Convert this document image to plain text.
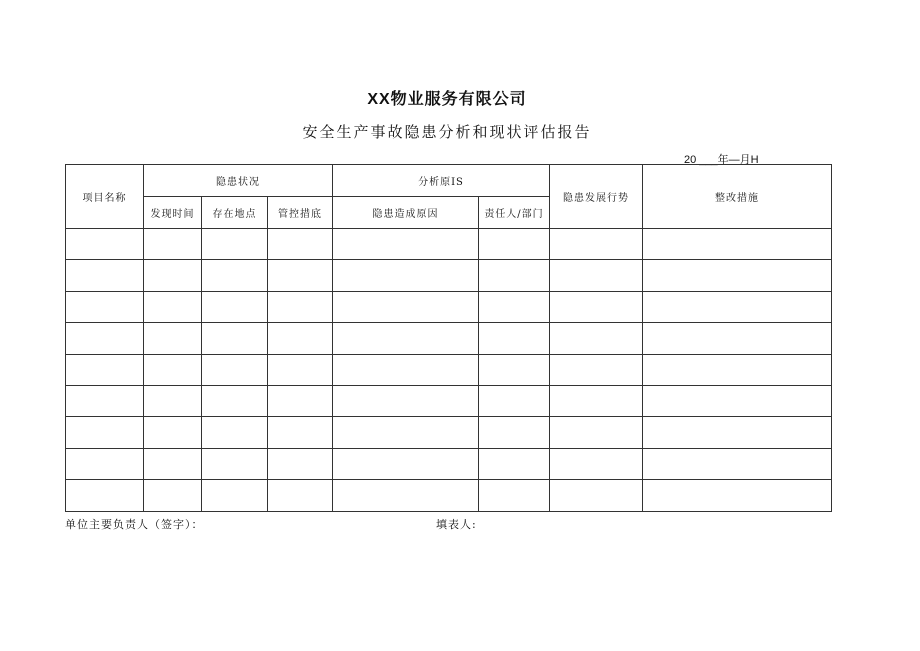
XX物业服务有限公司
安全生产事故隐患分析和现状评估报告
20 ___年—月H
项目名称	隐患状况			分析原IS		隐患发展行势	整改措施
	发现时间	存在地点	管控措底	隐患造成原因	责任人/部门		

单位主要负责人（签字）：	填表人:
